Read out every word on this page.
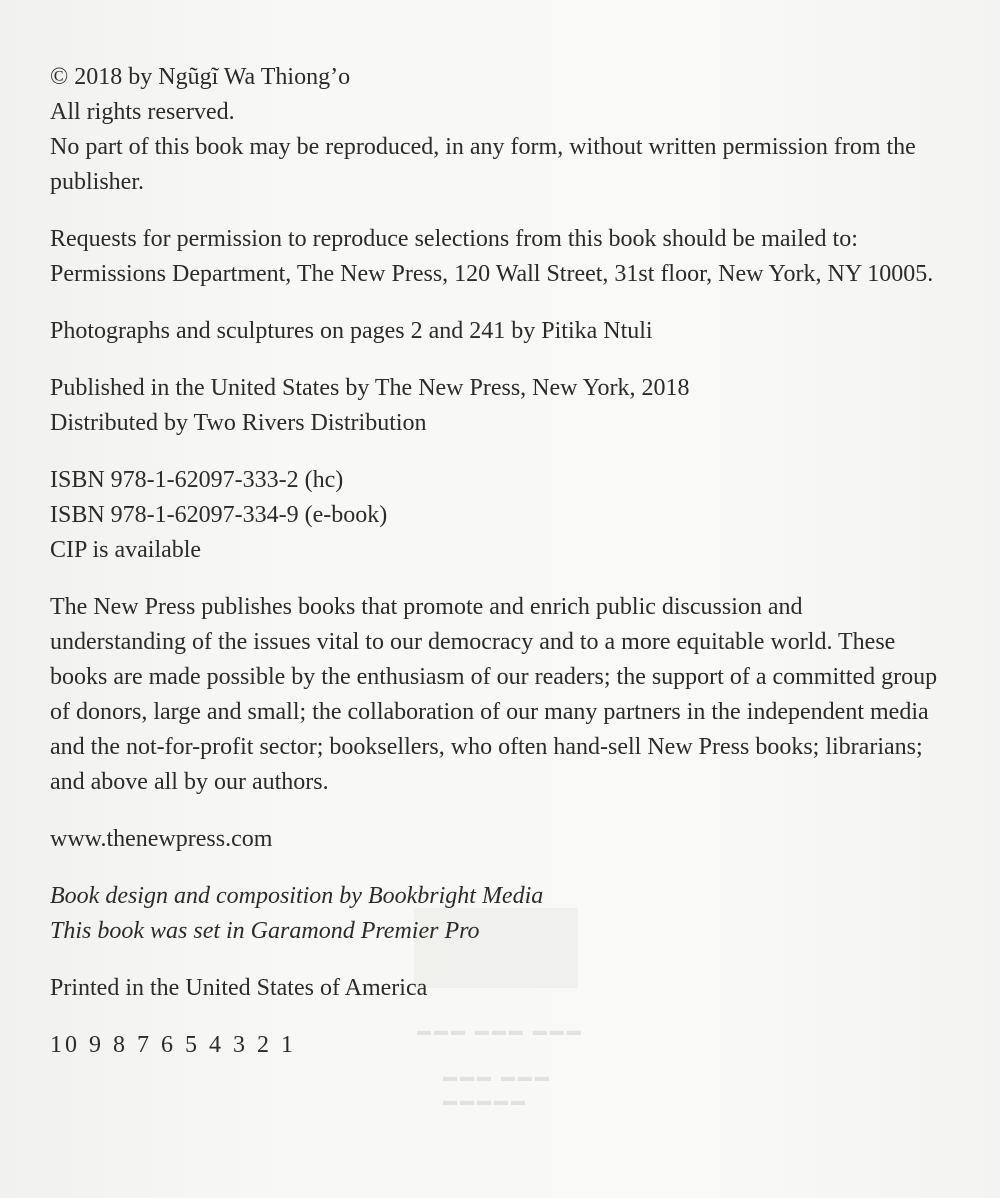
▬▬▬ ▬▬▬ ▬▬▬
▬▬▬ ▬▬▬
▬▬▬▬▬

© 2018 by Ngũgĩ Wa Thiong’o

All rights reserved.

No part of this book may be reproduced, in any form, without written permission from the publisher.

Requests for permission to reproduce selections from this book should be mailed to: Permissions Department, The New Press, 120 Wall Street, 31st floor, New York, NY 10005.

Photographs and sculptures on pages 2 and 241 by Pitika Ntuli

Published in the United States by The New Press, New York, 2018

Distributed by Two Rivers Distribution

ISBN 978-1-62097-333-2 (hc)

ISBN 978-1-62097-334-9 (e-book)

CIP is available

The New Press publishes books that promote and enrich public discussion and understanding of the issues vital to our democracy and to a more equitable world. These books are made possible by the enthusiasm of our readers; the support of a committed group of donors, large and small; the collaboration of our many partners in the independent media and the not-for-profit sector; booksellers, who often hand-sell New Press books; librarians; and above all by our authors.

www.thenewpress.com

Book design and composition by Bookbright Media

This book was set in Garamond Premier Pro

Printed in the United States of America

10 9 8 7 6 5 4 3 2 1
